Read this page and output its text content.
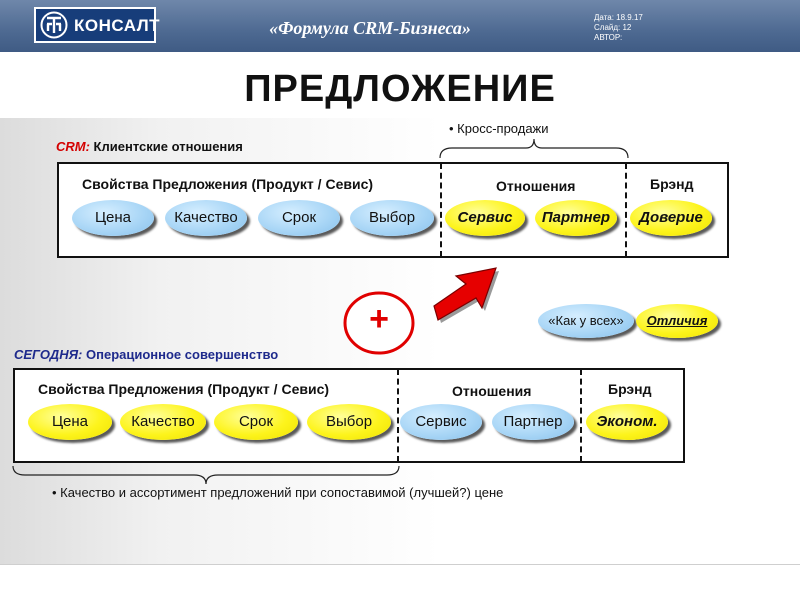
КОНСАЛТ	«Формула CRM-Бизнеса»
Дата: 18.9.17
Слайд: 12
АВТОР:
ПРЕДЛОЖЕНИЕ
• Кросс-продажи
CRM: Клиентские отношения
Свойства Предложения (Продукт / Севис)	Отношения	Брэнд
Цена	Качество	Срок	Выбор	Сервис	Партнер	Доверие
+	«Как у всех»	Отличия
СЕГОДНЯ: Операционное совершенство
Свойства Предложения (Продукт / Севис)	Отношения	Брэнд
Цена	Качество	Срок	Выбор	Сервис	Партнер	Эконом.
• Качество и ассортимент предложений при сопоставимой (лучшей?) цене
